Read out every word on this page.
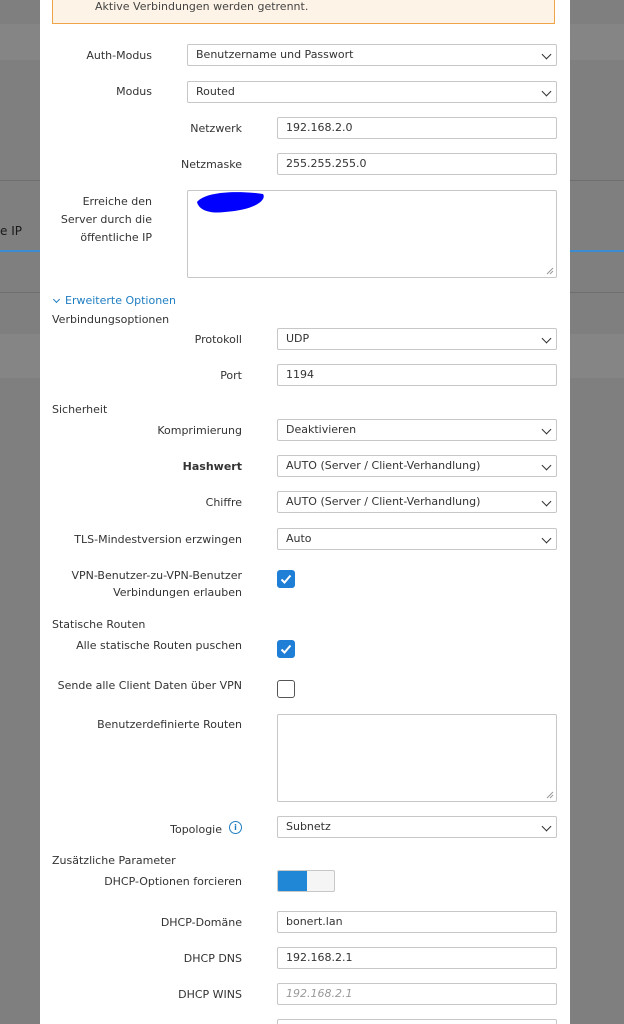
e IP
Aktive Verbindungen werden getrennt.
Auth-Modus	Benutzername und Passwort
Modus	Routed
Netzwerk	192.168.2.0
Netzmaske	255.255.255.0
Erreiche den
Server durch die
öffentliche IP
Erweiterte Optionen
Verbindungsoptionen
Protokoll	UDP
Port	1194
Sicherheit
Komprimierung	Deaktivieren
Hashwert	AUTO (Server / Client-Verhandlung)
Chiffre	AUTO (Server / Client-Verhandlung)
TLS-Mindestversion erzwingen	Auto
VPN-Benutzer-zu-VPN-Benutzer
Verbindungen erlauben
Statische Routen
Alle statische Routen puschen
Sende alle Client Daten über VPN
Benutzerdefinierte Routen
Topologie	i	Subnetz
Zusätzliche Parameter
DHCP-Optionen forcieren
DHCP-Domäne	bonert.lan
DHCP DNS	192.168.2.1
DHCP WINS	192.168.2.1
